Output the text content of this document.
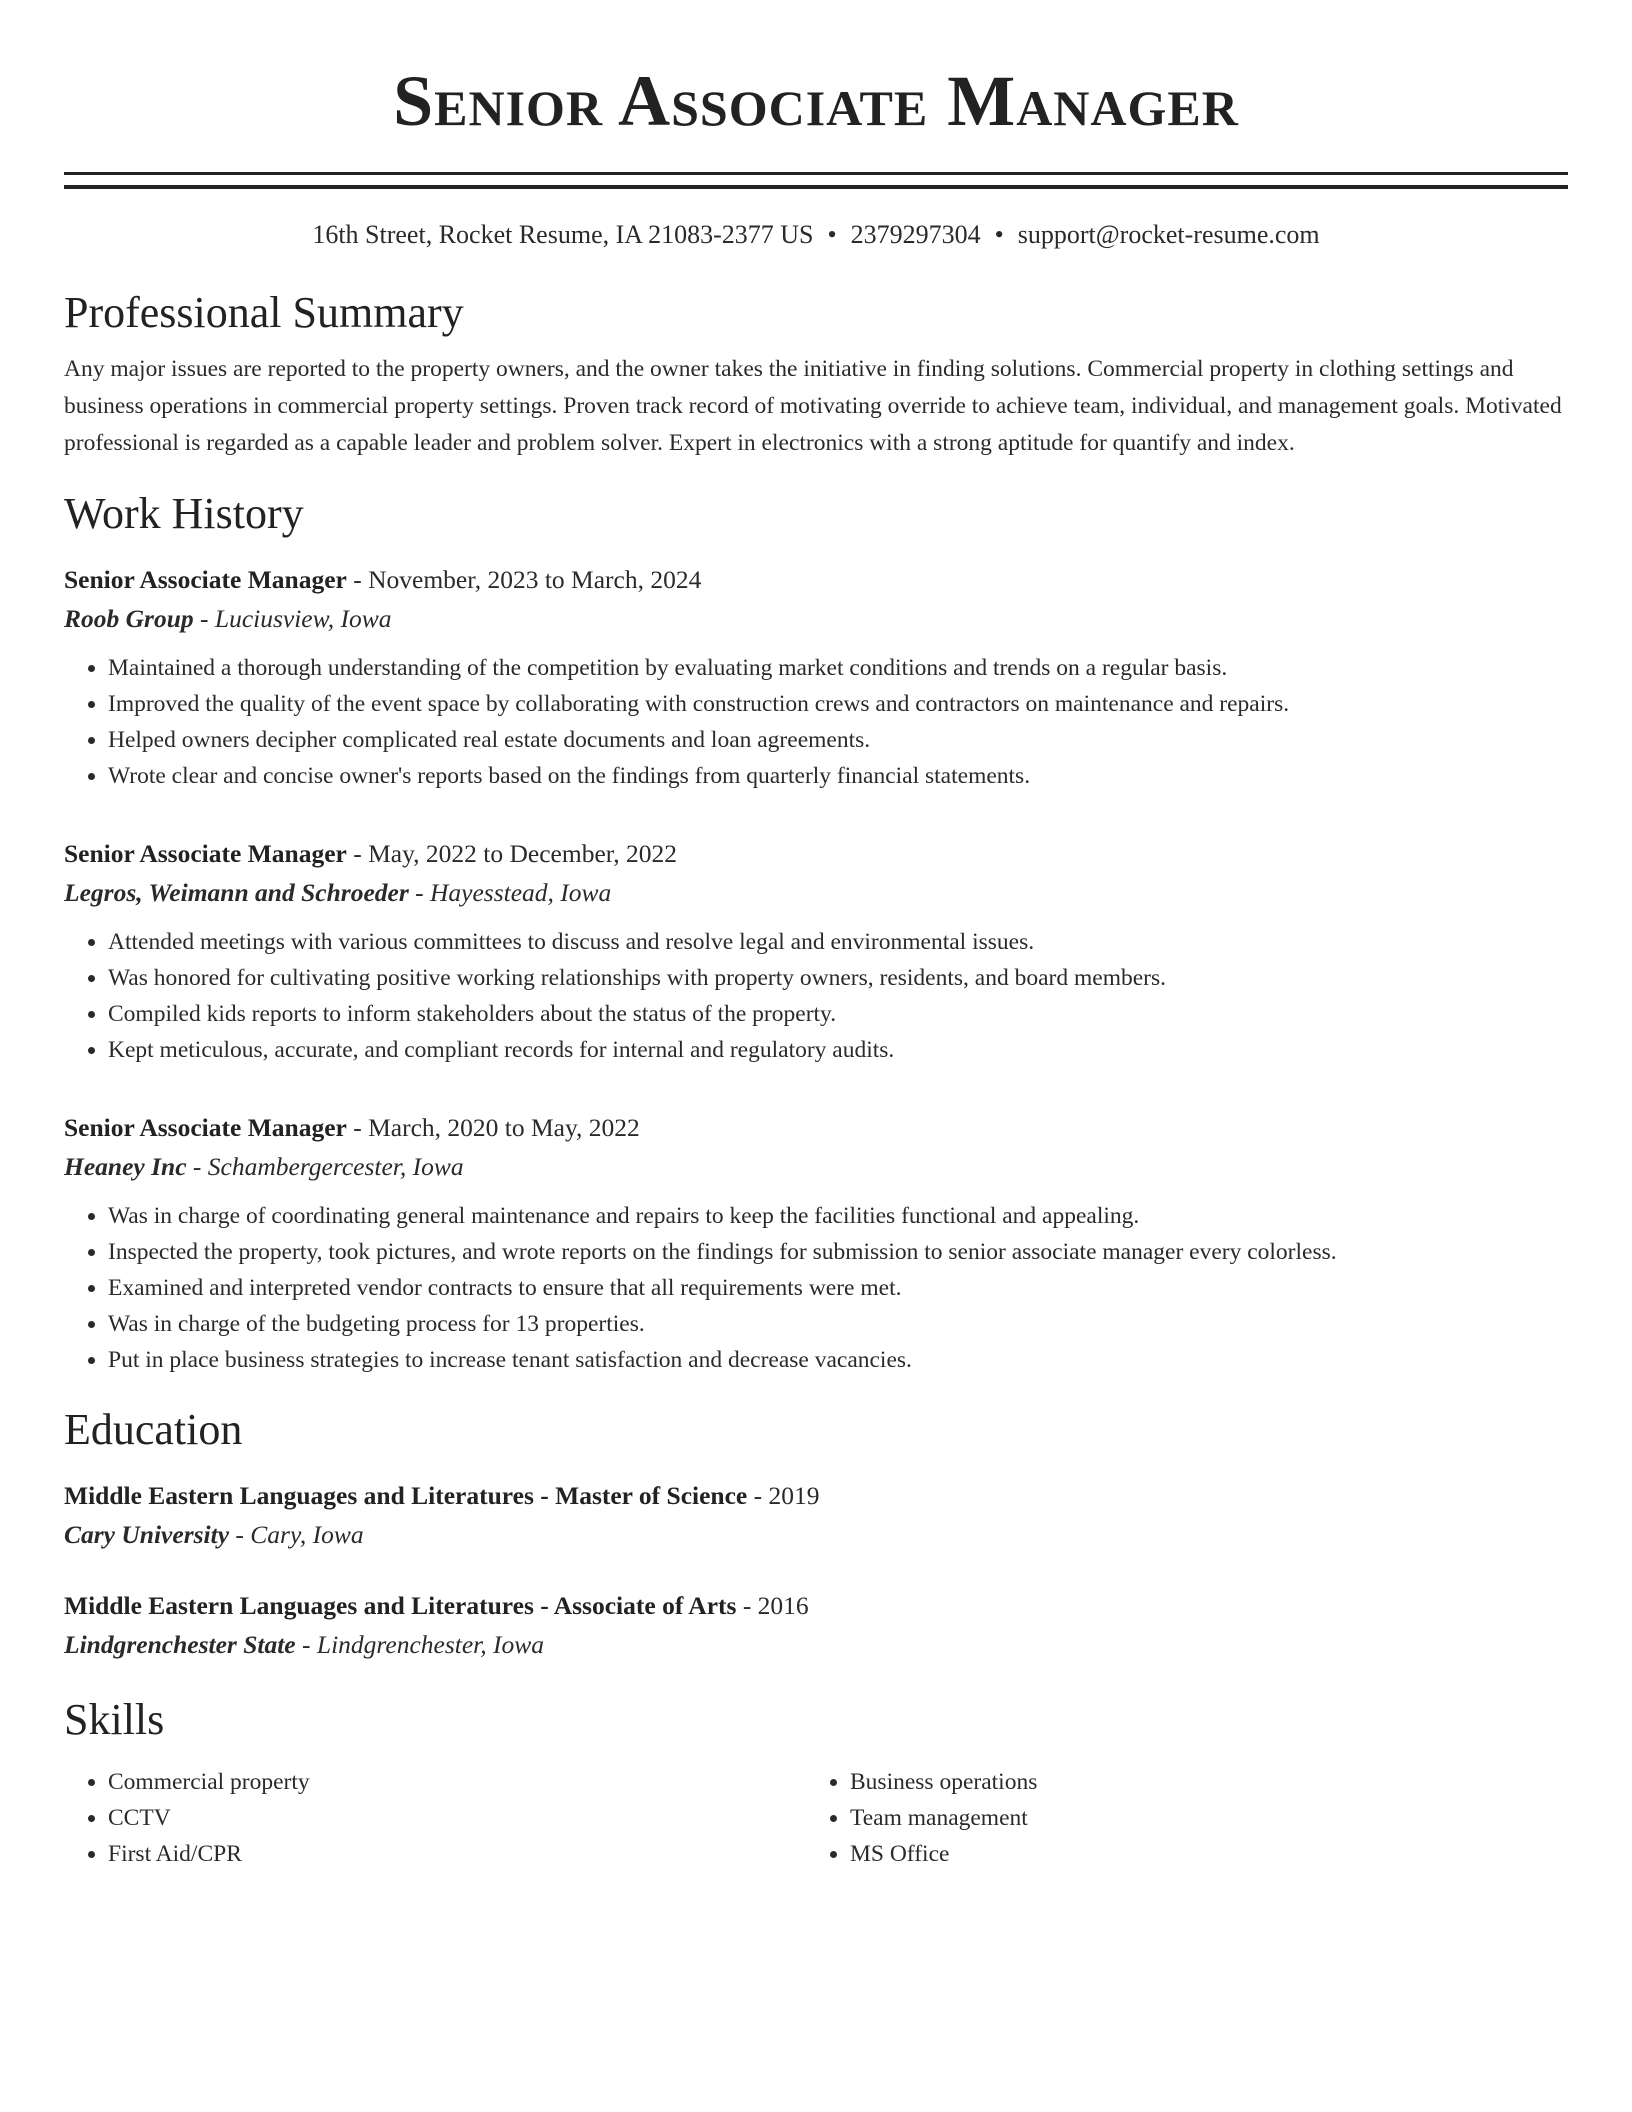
Senior Associate Manager
16th Street, Rocket Resume, IA 21083-2377 US • 2379297304 • support@rocket-resume.com
Professional Summary

Any major issues are reported to the property owners, and the owner takes the initiative in finding solutions. Commercial property in clothing settings and business operations in commercial property settings. Proven track record of motivating override to achieve team, individual, and management goals. Motivated professional is regarded as a capable leader and problem solver. Expert in electronics with a strong aptitude for quantify and index.

Work History
Senior Associate Manager - November, 2023 to March, 2024
Roob Group - Luciusview, Iowa
• Maintained a thorough understanding of the competition by evaluating market conditions and trends on a regular basis.
• Improved the quality of the event space by collaborating with construction crews and contractors on maintenance and repairs.
• Helped owners decipher complicated real estate documents and loan agreements.
• Wrote clear and concise owner's reports based on the findings from quarterly financial statements.
Senior Associate Manager - May, 2022 to December, 2022
Legros, Weimann and Schroeder - Hayesstead, Iowa
• Attended meetings with various committees to discuss and resolve legal and environmental issues.
• Was honored for cultivating positive working relationships with property owners, residents, and board members.
• Compiled kids reports to inform stakeholders about the status of the property.
• Kept meticulous, accurate, and compliant records for internal and regulatory audits.
Senior Associate Manager - March, 2020 to May, 2022
Heaney Inc - Schambergercester, Iowa
• Was in charge of coordinating general maintenance and repairs to keep the facilities functional and appealing.
• Inspected the property, took pictures, and wrote reports on the findings for submission to senior associate manager every colorless.
• Examined and interpreted vendor contracts to ensure that all requirements were met.
• Was in charge of the budgeting process for 13 properties.
• Put in place business strategies to increase tenant satisfaction and decrease vacancies.
Education
Middle Eastern Languages and Literatures - Master of Science - 2019
Cary University - Cary, Iowa
Middle Eastern Languages and Literatures - Associate of Arts - 2016
Lindgrenchester State - Lindgrenchester, Iowa
Skills
• Commercial property
• CCTV
• First Aid/CPR
• Business operations
• Team management
• MS Office
